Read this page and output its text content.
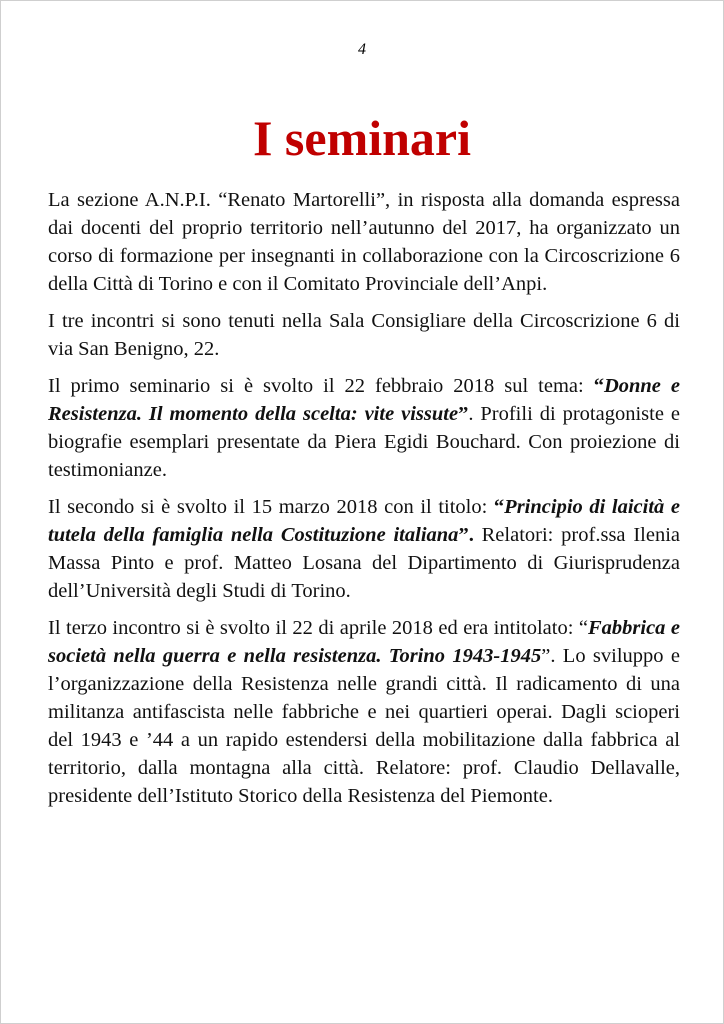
4
I seminari

La sezione A.N.P.I. “Renato Martorelli”, in risposta alla domanda espressa dai docenti del proprio territorio nell’autunno del 2017, ha organizzato un corso di formazione per insegnanti in collaborazione con la Circoscrizione 6 della Città di Torino e con il Comitato Provinciale dell’Anpi.

I tre incontri si sono tenuti nella Sala Consigliare della Circoscrizione 6 di via San Benigno, 22.

Il primo seminario si è svolto il 22 febbraio 2018 sul tema: “Donne e Resistenza. Il momento della scelta: vite vissute”. Profili di protagoniste e biografie esemplari presentate da Piera Egidi Bouchard. Con proiezione di testimonianze.

Il secondo si è svolto il 15 marzo 2018 con il titolo: “Principio di laicità e tutela della famiglia nella Costituzione italiana”. Relatori: prof.ssa Ilenia Massa Pinto e prof. Matteo Losana del Dipartimento di Giurisprudenza dell’Università degli Studi di Torino.

Il terzo incontro si è svolto il 22 di aprile 2018 ed era intitolato: “Fabbrica e società nella guerra e nella resistenza. Torino 1943-1945”. Lo sviluppo e l’organizzazione della Resistenza nelle grandi città. Il radicamento di una militanza antifascista nelle fabbriche e nei quartieri operai. Dagli scioperi del 1943 e ’44 a un rapido estendersi della mobilitazione dalla fabbrica al territorio, dalla montagna alla città. Relatore: prof. Claudio Dellavalle, presidente dell’Istituto Storico della Resistenza del Piemonte.
